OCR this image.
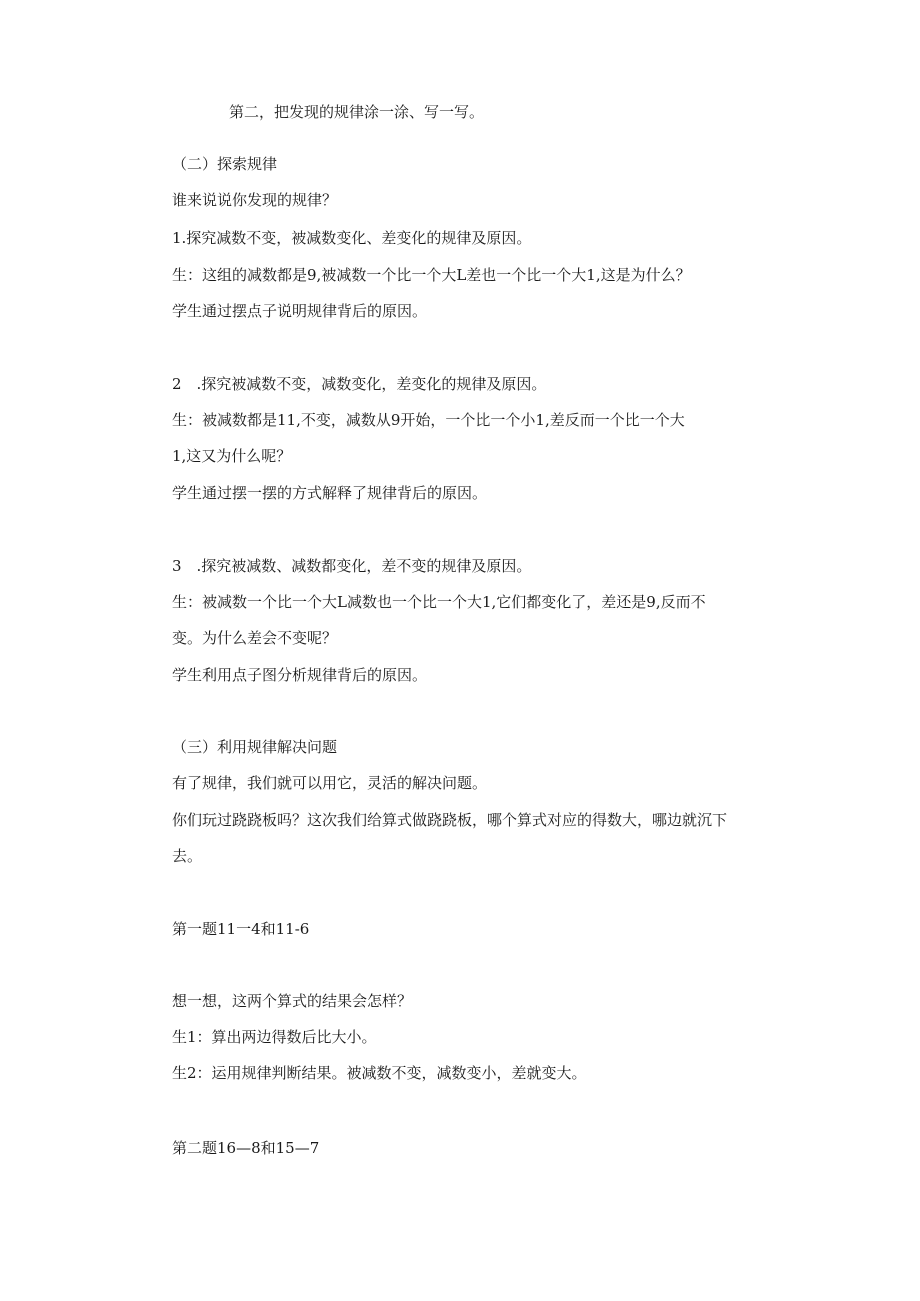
第二，把发现的规律涂一涂、写一写。
（二）探索规律
谁来说说你发现的规律？
1.探究减数不变，被减数变化、差变化的规律及原因。
生：这组的减数都是9,被减数一个比一个大L差也一个比一个大1,这是为什么？
学生通过摆点子说明规律背后的原因。
2　.探究被减数不变，减数变化，差变化的规律及原因。
生：被减数都是11,不变，减数从9开始，一个比一个小1,差反而一个比一个大
1,这又为什么呢？
学生通过摆一摆的方式解释了规律背后的原因。
3　.探究被减数、减数都变化，差不变的规律及原因。
生：被减数一个比一个大L减数也一个比一个大1,它们都变化了，差还是9,反而不
变。为什么差会不变呢？
学生利用点子图分析规律背后的原因。
（三）利用规律解决问题
有了规律，我们就可以用它，灵活的解决问题。
你们玩过跷跷板吗？这次我们给算式做跷跷板，哪个算式对应的得数大，哪边就沉下
去。
第一题11一4和11-6
想一想，这两个算式的结果会怎样？
生1：算出两边得数后比大小。
生2：运用规律判断结果。被减数不变，减数变小，差就变大。
第二题16—8和15—7
